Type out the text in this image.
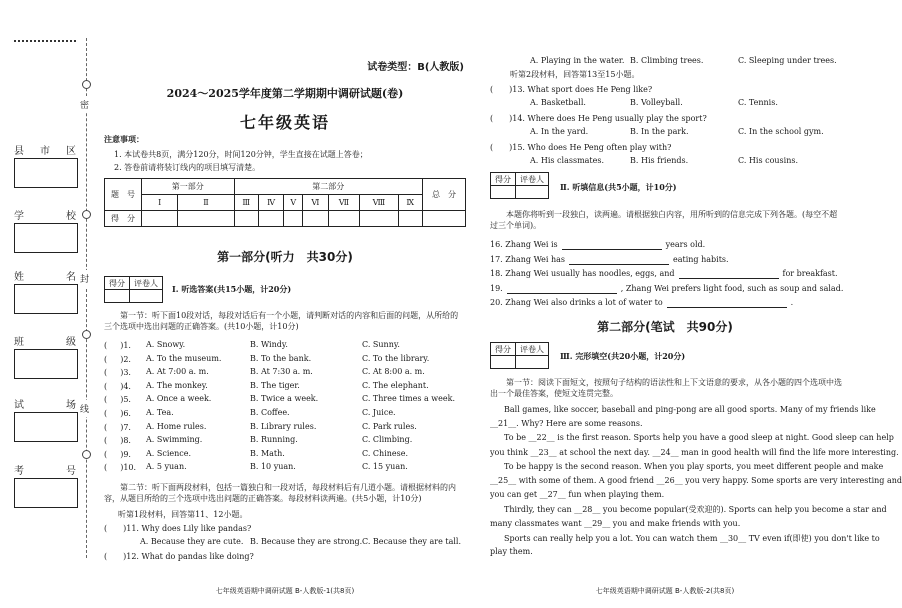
密
封
线
县 市 区
学	校
姓	名
班	级
试	场
考	号
试卷类型：B(人教版)
2024～2025学年度第二学期期中调研试题(卷)
七年级英语
注意事项：
1. 本试卷共8页，满分120分，时间120分钟，学生直接在试题上答卷；
2. 答卷前请将装订线内的项目填写清楚。
题　号	第一部分		第二部分							总　分
	Ⅰ	Ⅱ	Ⅲ	Ⅳ	Ⅴ	Ⅵ	Ⅶ	Ⅷ	Ⅸ	
得　分										
第一部分(听力　共30分)
得分	评卷人

Ⅰ. 听选答案(共15小题，计20分)
第一节：听下面10段对话，每段对话后有一个小题，请判断对话的内容和后面的问题，从所给的三个选项中选出问题的正确答案。(共10小题，计10分)
( 　 )1. A. Snowy.	B. Windy.	C. Sunny.
( 　 )2. A. To the museum.	B. To the bank.	C. To the library.
( 　 )3. A. At 7:00 a. m.	B. At 7:30 a. m.	C. At 8:00 a. m.
( 　 )4. A. The monkey.	B. The tiger.	C. The elephant.
( 　 )5. A. Once a week.	B. Twice a week.	C. Three times a week.
( 　 )6. A. Tea.	B. Coffee.	C. Juice.
( 　 )7. A. Home rules.	B. Library rules.	C. Park rules.
( 　 )8. A. Swimming.	B. Running.	C. Climbing.
( 　 )9. A. Science.	B. Math.	C. Chinese.
( 　 )10. A. 5 yuan.	B. 10 yuan.	C. 15 yuan.
第二节：听下面两段材料，包括一篇独白和一段对话，每段材料后有几道小题。请根据材料的内容，从题目所给的三个选项中选出问题的正确答案。每段材料读两遍。(共5小题，计10分)
听第1段材料，回答第11、12小题。
(　　)11. Why does Lily like pandas?
A. Because they are cute. B. Because they are strong. C. Because they are tall.
(　　)12. What do pandas like doing?
七年级英语期中调研试题 B-人教版-1(共8页)
A. Playing in the water. B. Climbing trees.	C. Sleeping under trees.
听第2段材料，回答第13至15小题。
(　　)13. What sport does He Peng like?
A. Basketball.	B. Volleyball.	C. Tennis.
(　　)14. Where does He Peng usually play the sport?
A. In the yard.	B. In the park.	C. In the school gym.
(　　)15. Who does He Peng often play with?
A. His classmates.	B. His friends.	C. His cousins.
得分	评卷人

Ⅱ. 听填信息(共5小题，计10分)
本题你将听到一段独白，读两遍。请根据独白内容，用所听到的信息完成下列各题。(每空不超过三个单词)。
16. Zhang Wei is	years old.
17. Zhang Wei has	eating habits.
18. Zhang Wei usually has noodles, eggs, and	for breakfast.
19.	, Zhang Wei prefers light food, such as soup and salad.
20. Zhang Wei also drinks a lot of water to	.
第二部分(笔试　共90分)
得分	评卷人

Ⅲ. 完形填空(共20小题，计20分)
第一节：阅读下面短文，按照句子结构的语法性和上下文语意的要求，从各小题的四个选项中选出一个最佳答案，使短文连贯完整。
Ball games, like soccer, baseball and ping-pong are all good sports. Many of my friends like
__21__. Why? Here are some reasons.
To be __22__ is the first reason. Sports help you have a good sleep at night. Good sleep can help
you think __23__ at school the next day. __24__ man in good health will find the life more interesting.
To be happy is the second reason. When you play sports, you meet different people and make
__25__ with some of them. A good friend __26__ you very happy. Some sports are very interesting and
you can get __27__ fun when playing them.
Thirdly, they can __28__ you become popular(受欢迎的). Sports can help you become a star and
many classmates want __29__ you and make friends with you.
Sports can really help you a lot. You can watch them __30__ TV even if(即使) you don't like to
play them.
七年级英语期中调研试题 B-人教版-2(共8页)
